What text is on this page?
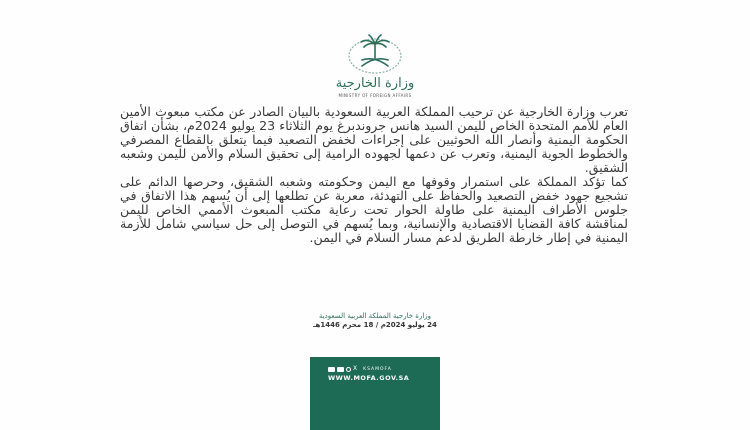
وزارة الخارجية
MINISTRY OF FOREIGN AFFAIRS

تعرب وزارة الخارجية عن ترحيب المملكة العربية السعودية بالبيان الصادر عن مكتب مبعوث الأمين العام للأمم المتحدة الخاص لليمن السيد هانس جروندبرغ يوم الثلاثاء 23 يوليو 2024م، بشأن اتفاق الحكومة اليمنية وأنصار الله الحوثيين على إجراءات لخفض التصعيد فيما يتعلق بالقطاع المصرفي والخطوط الجوية اليمنية، وتعرب عن دعمها لجهوده الرامية إلى تحقيق السلام والأمن لليمن وشعبه الشقيق.

كما تؤكد المملكة على استمرار وقوفها مع اليمن وحكومته وشعبه الشقيق، وحرصها الدائم على تشجيع جهود خفض التصعيد والحفاظ على التهدئة، معربة عن تطلعها إلى أن يُسهم هذا الاتفاق في جلوس الأطراف اليمنية على طاولة الحوار تحت رعاية مكتب المبعوث الأممي الخاص لليمن لمناقشة كافة القضايا الاقتصادية والإنسانية، وبما يُسهم في التوصل إلى حل سياسي شامل للأزمة اليمنية في إطار خارطة الطريق لدعم مسار السلام في اليمن.

وزارة خارجية المملكة العربية السعودية
24 يوليو 2024م / 18 محرم 1446هـ
X KSAMOFA
WWW.MOFA.GOV.SA
